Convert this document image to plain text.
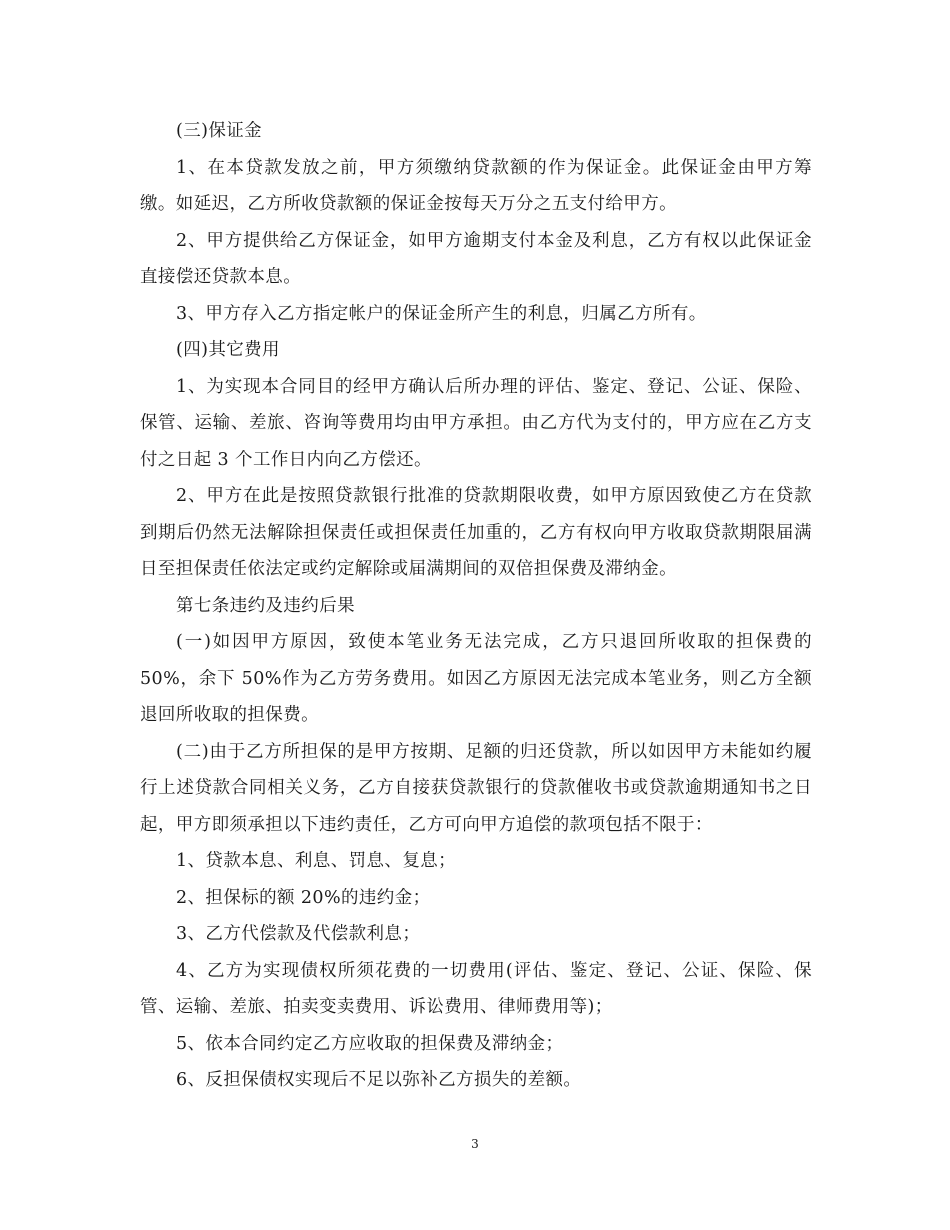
(三)保证金

1、在本贷款发放之前，甲方须缴纳贷款额的作为保证金。此保证金由甲方筹缴。如延迟，乙方所收贷款额的保证金按每天万分之五支付给甲方。

2、甲方提供给乙方保证金，如甲方逾期支付本金及利息，乙方有权以此保证金直接偿还贷款本息。

3、甲方存入乙方指定帐户的保证金所产生的利息，归属乙方所有。

(四)其它费用

1、为实现本合同目的经甲方确认后所办理的评估、鉴定、登记、公证、保险、保管、运输、差旅、咨询等费用均由甲方承担。由乙方代为支付的，甲方应在乙方支付之日起 3 个工作日内向乙方偿还。

2、甲方在此是按照贷款银行批准的贷款期限收费，如甲方原因致使乙方在贷款到期后仍然无法解除担保责任或担保责任加重的，乙方有权向甲方收取贷款期限届满日至担保责任依法定或约定解除或届满期间的双倍担保费及滞纳金。

第七条违约及违约后果

(一)如因甲方原因，致使本笔业务无法完成，乙方只退回所收取的担保费的 50%，余下 50%作为乙方劳务费用。如因乙方原因无法完成本笔业务，则乙方全额退回所收取的担保费。

(二)由于乙方所担保的是甲方按期、足额的归还贷款，所以如因甲方未能如约履行上述贷款合同相关义务，乙方自接获贷款银行的贷款催收书或贷款逾期通知书之日起，甲方即须承担以下违约责任，乙方可向甲方追偿的款项包括不限于：

1、贷款本息、利息、罚息、复息；

2、担保标的额 20%的违约金；

3、乙方代偿款及代偿款利息；

4、乙方为实现债权所须花费的一切费用(评估、鉴定、登记、公证、保险、保管、运输、差旅、拍卖变卖费用、诉讼费用、律师费用等)；

5、依本合同约定乙方应收取的担保费及滞纳金；

6、反担保债权实现后不足以弥补乙方损失的差额。

3
